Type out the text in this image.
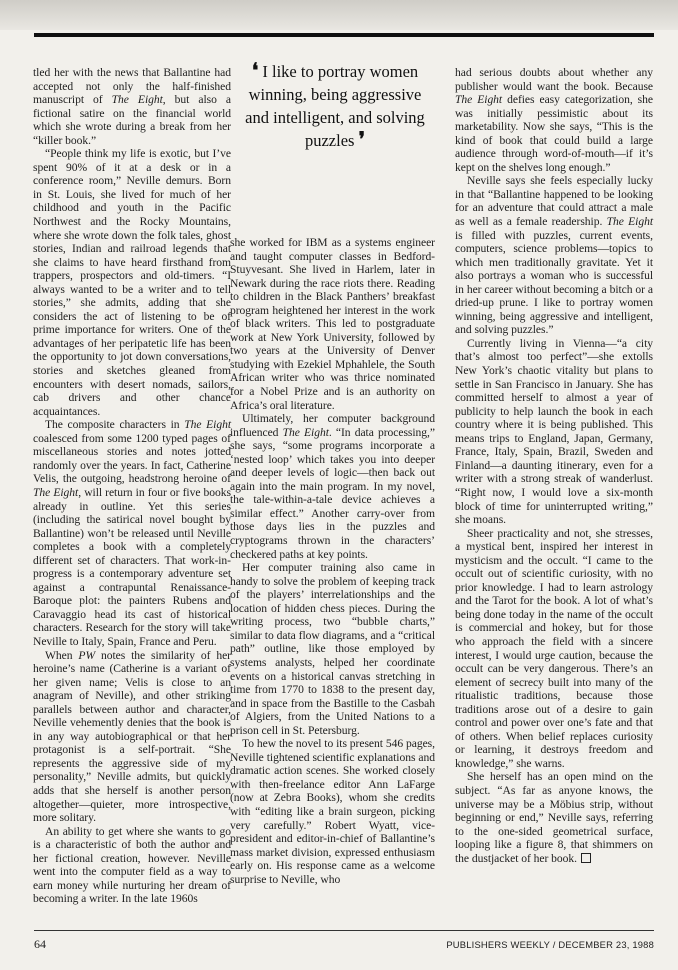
tled her with the news that Ballantine had accepted not only the half-finished manuscript of The Eight, but also a fictional satire on the financial world which she wrote during a break from her “killer book.”

“People think my life is exotic, but I’ve spent 90% of it at a desk or in a conference room,” Neville demurs. Born in St. Louis, she lived for much of her childhood and youth in the Pacific Northwest and the Rocky Mountains, where she wrote down the folk tales, ghost stories, Indian and railroad legends that she claims to have heard firsthand from trappers, prospectors and old-timers. “I always wanted to be a writer and to tell stories,” she admits, adding that she considers the act of listening to be of prime importance for writers. One of the advantages of her peripatetic life has been the opportunity to jot down conversations, stories and sketches gleaned from encounters with desert nomads, sailors, cab drivers and other chance acquaintances.

The composite characters in The Eight coalesced from some 1200 typed pages of miscellaneous stories and notes jotted randomly over the years. In fact, Catherine Velis, the outgoing, headstrong heroine of The Eight, will return in four or five books already in outline. Yet this series (including the satirical novel bought by Ballantine) won’t be released until Neville completes a book with a completely different set of characters. That work-in-progress is a contemporary adventure set against a contrapuntal Renaissance-Baroque plot: the painters Rubens and Caravaggio head its cast of historical characters. Research for the story will take Neville to Italy, Spain, France and Peru.

When PW notes the similarity of her heroine’s name (Catherine is a variant of her given name; Velis is close to an anagram of Neville), and other striking parallels between author and character, Neville vehemently denies that the book is in any way autobiographical or that her protagonist is a self-portrait. “She represents the aggressive side of my personality,” Neville admits, but quickly adds that she herself is another person altogether—quieter, more introspective, more solitary.

An ability to get where she wants to go is a characteristic of both the author and her fictional creation, however. Neville went into the computer field as a way to earn money while nurturing her dream of becoming a writer. In the late 1960s

❛ I like to portray women winning, being aggressive and intelligent, and solving puzzles ❜

she worked for IBM as a systems engineer and taught computer classes in Bedford-Stuyvesant. She lived in Harlem, later in Newark during the race riots there. Reading to children in the Black Panthers’ breakfast program heightened her interest in the work of black writers. This led to postgraduate work at New York University, followed by two years at the University of Denver studying with Ezekiel Mphahlele, the South African writer who was thrice nominated for a Nobel Prize and is an authority on Africa’s oral literature.

Ultimately, her computer background influenced The Eight. “In data processing,” she says, “some programs incorporate a ‘nested loop’ which takes you into deeper and deeper levels of logic—then back out again into the main program. In my novel, the tale-within-a-tale device achieves a similar effect.” Another carry-over from those days lies in the puzzles and cryptograms thrown in the characters’ checkered paths at key points.

Her computer training also came in handy to solve the problem of keeping track of the players’ interrelationships and the location of hidden chess pieces. During the writing process, two “bubble charts,” similar to data flow diagrams, and a “critical path” outline, like those employed by systems analysts, helped her coordinate events on a historical canvas stretching in time from 1770 to 1838 to the present day, and in space from the Bastille to the Casbah of Algiers, from the United Nations to a prison cell in St. Petersburg.

To hew the novel to its present 546 pages, Neville tightened scientific explanations and dramatic action scenes. She worked closely with then-freelance editor Ann LaFarge (now at Zebra Books), whom she credits with “editing like a brain surgeon, picking very carefully.” Robert Wyatt, vice-president and editor-in-chief of Ballantine’s mass market division, expressed enthusiasm early on. His response came as a welcome surprise to Neville, who

had serious doubts about whether any publisher would want the book. Because The Eight defies easy categorization, she was initially pessimistic about its marketability. Now she says, “This is the kind of book that could build a large audience through word-of-mouth—if it’s kept on the shelves long enough.”

Neville says she feels especially lucky in that “Ballantine happened to be looking for an adventure that could attract a male as well as a female readership. The Eight is filled with puzzles, current events, computers, science problems—topics to which men traditionally gravitate. Yet it also portrays a woman who is successful in her career without becoming a bitch or a dried-up prune. I like to portray women winning, being aggressive and intelligent, and solving puzzles.”

Currently living in Vienna—“a city that’s almost too perfect”—she extolls New York’s chaotic vitality but plans to settle in San Francisco in January. She has committed herself to almost a year of publicity to help launch the book in each country where it is being published. This means trips to England, Japan, Germany, France, Italy, Spain, Brazil, Sweden and Finland—a daunting itinerary, even for a writer with a strong streak of wanderlust. “Right now, I would love a six-month block of time for uninterrupted writing,” she moans.

Sheer practicality and not, she stresses, a mystical bent, inspired her interest in mysticism and the occult. “I came to the occult out of scientific curiosity, with no prior knowledge. I had to learn astrology and the Tarot for the book. A lot of what’s being done today in the name of the occult is commercial and hokey, but for those who approach the field with a sincere interest, I would urge caution, because the occult can be very dangerous. There’s an element of secrecy built into many of the ritualistic traditions, because those traditions arose out of a desire to gain control and power over one’s fate and that of others. When belief replaces curiosity or learning, it destroys freedom and knowledge,” she warns.

She herself has an open mind on the subject. “As far as anyone knows, the universe may be a Möbius strip, without beginning or end,” Neville says, referring to the one-sided geometrical surface, looping like a figure 8, that shimmers on the dustjacket of her book.

64	PUBLISHERS WEEKLY / DECEMBER 23, 1988
